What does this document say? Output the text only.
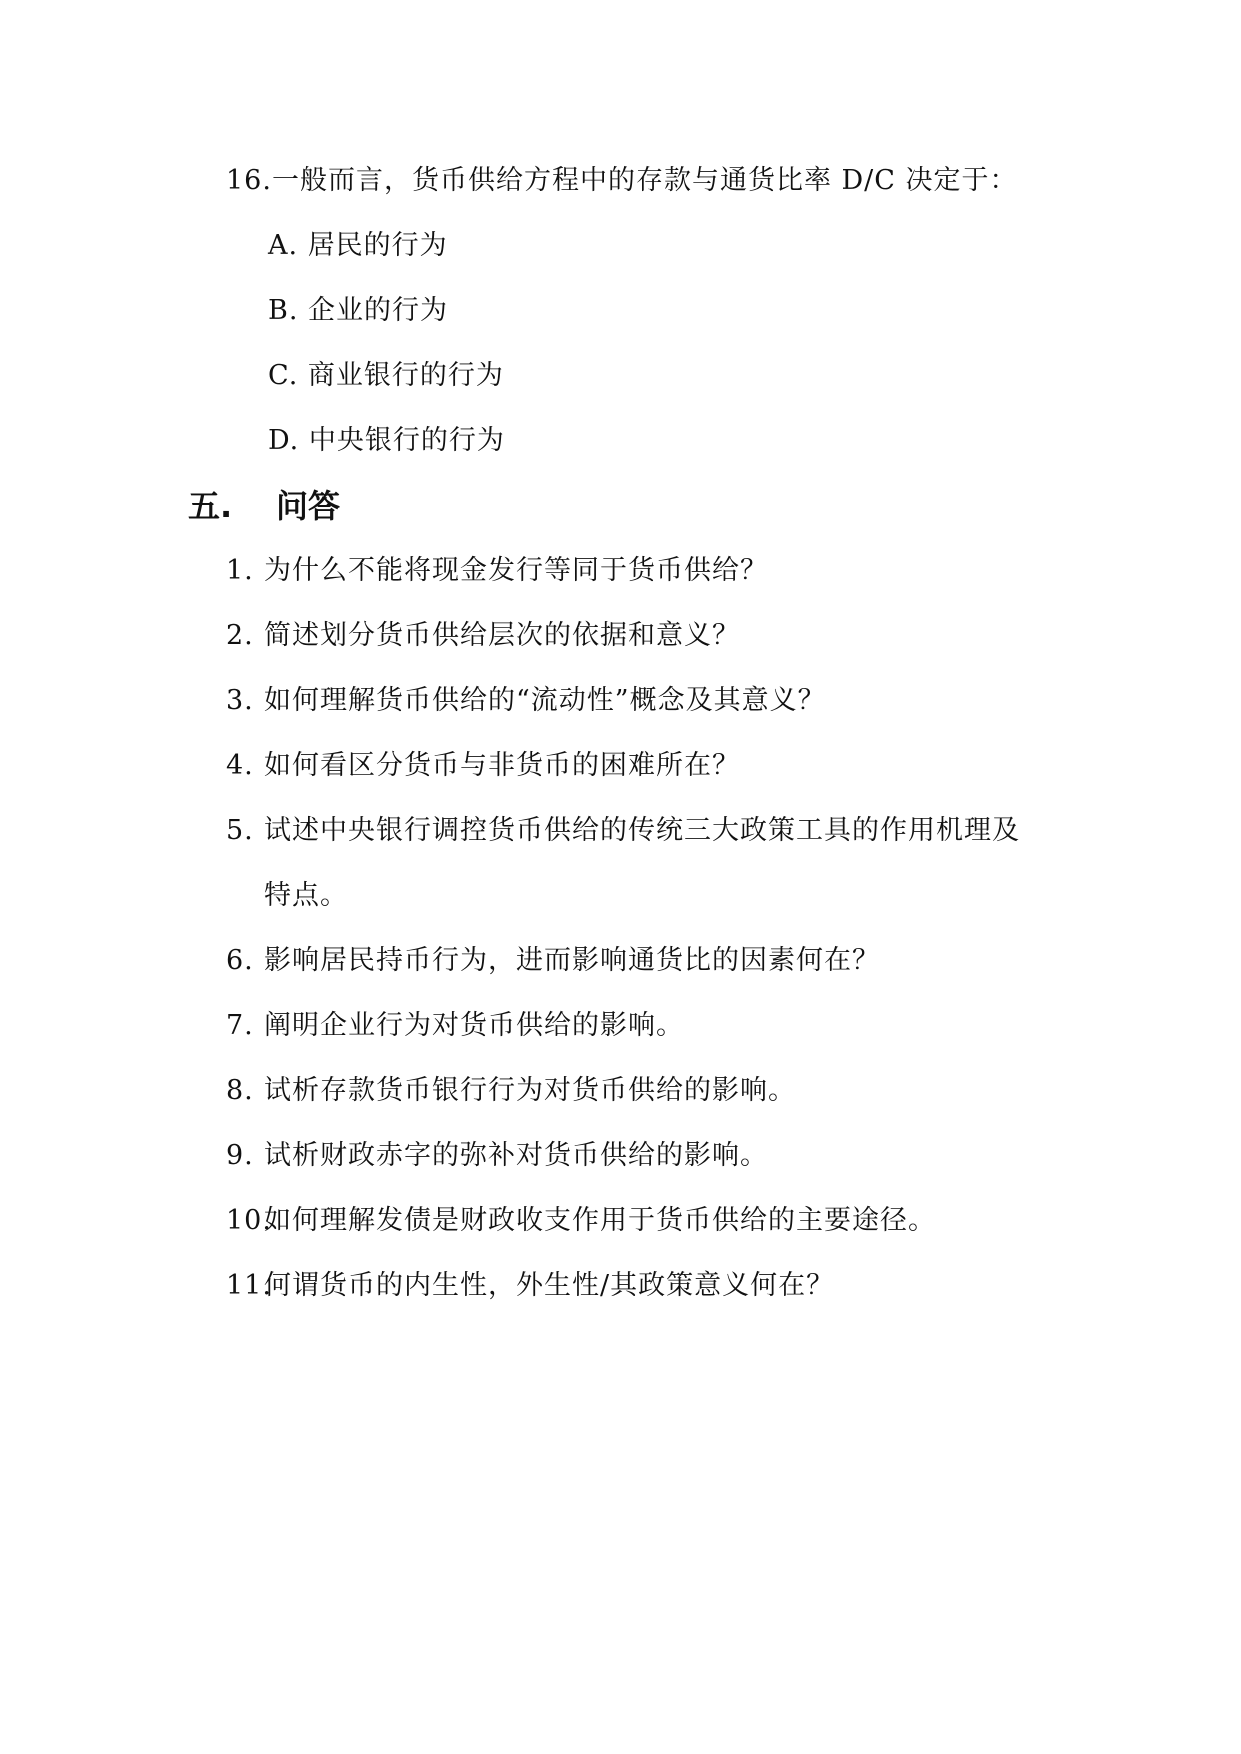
16.一般而言，货币供给方程中的存款与通货比率 D/C 决定于：
A. 居民的行为
B. 企业的行为
C. 商业银行的行为
D. 中央银行的行为
五. 问答
1. 为什么不能将现金发行等同于货币供给？
2. 简述划分货币供给层次的依据和意义？
3. 如何理解货币供给的“流动性”概念及其意义？
4. 如何看区分货币与非货币的困难所在？
5. 试述中央银行调控货币供给的传统三大政策工具的作用机理及
特点。
6. 影响居民持币行为，进而影响通货比的因素何在？
7. 阐明企业行为对货币供给的影响。
8. 试析存款货币银行行为对货币供给的影响。
9. 试析财政赤字的弥补对货币供给的影响。
10.如何理解发债是财政收支作用于货币供给的主要途径。
11.何谓货币的内生性，外生性/其政策意义何在？
